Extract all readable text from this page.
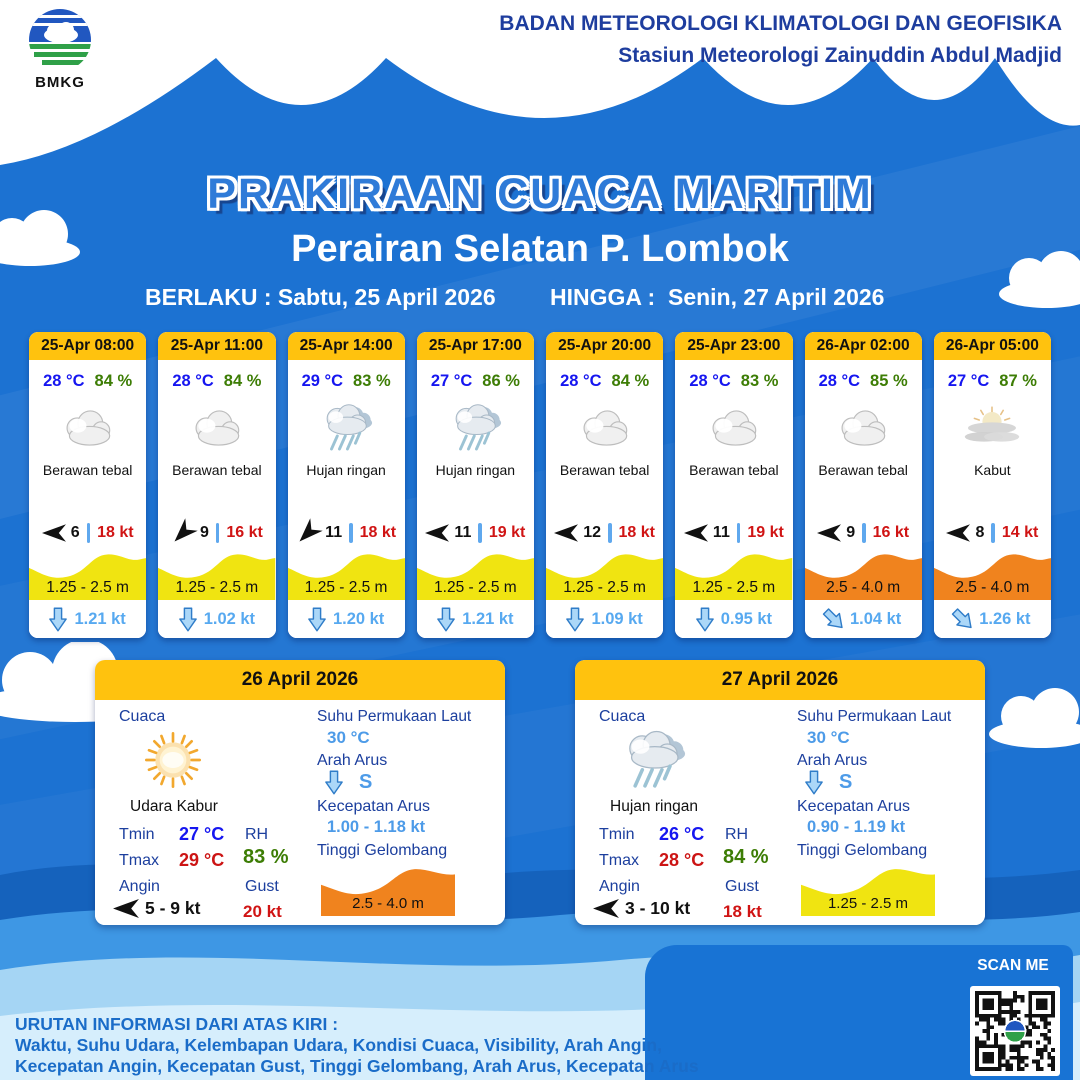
BMKG
BADAN METEOROLOGI KLIMATOLOGI DAN GEOFISIKA
Stasiun Meteorologi Zainuddin Abdul Madjid
PRAKIRAAN CUACA MARITIM
Perairan Selatan P. Lombok
BERLAKU : Sabtu, 25 April 2026 HINGGA : Senin, 27 April 2026
25-Apr 08:00
28 °C 84 %
Berawan tebal
6 18 kt
1.25 - 2.5 m
1.21 kt
25-Apr 11:00
28 °C 84 %
Berawan tebal
9 16 kt
1.25 - 2.5 m
1.02 kt
25-Apr 14:00
29 °C 83 %
Hujan ringan
11 18 kt
1.25 - 2.5 m
1.20 kt
25-Apr 17:00
27 °C 86 %
Hujan ringan
11 19 kt
1.25 - 2.5 m
1.21 kt
25-Apr 20:00
28 °C 84 %
Berawan tebal
12 18 kt
1.25 - 2.5 m
1.09 kt
25-Apr 23:00
28 °C 83 %
Berawan tebal
11 19 kt
1.25 - 2.5 m
0.95 kt
26-Apr 02:00
28 °C 85 %
Berawan tebal
9 16 kt
2.5 - 4.0 m
1.04 kt
26-Apr 05:00
27 °C 87 %
Kabut
8 14 kt
2.5 - 4.0 m
1.26 kt
26 April 2026
Cuaca
Udara Kabur
Tmin 27 °C
Tmax 29 °C
Angin
5 - 9 kt
RH
83 %
Gust
20 kt
Suhu Permukaan Laut
30 °C
Arah Arus
S
Kecepatan Arus
1.00 - 1.18 kt
Tinggi Gelombang
2.5 - 4.0 m
27 April 2026
Cuaca
Hujan ringan
Tmin 26 °C
Tmax 28 °C
Angin
3 - 10 kt
RH
84 %
Gust
18 kt
Suhu Permukaan Laut
30 °C
Arah Arus
S
Kecepatan Arus
0.90 - 1.19 kt
Tinggi Gelombang
1.25 - 2.5 m
SCAN ME
URUTAN INFORMASI DARI ATAS KIRI :
Waktu, Suhu Udara, Kelembapan Udara, Kondisi Cuaca, Visibility, Arah Angin,
Kecepatan Angin, Kecepatan Gust, Tinggi Gelombang, Arah Arus, Kecepatan Arus
